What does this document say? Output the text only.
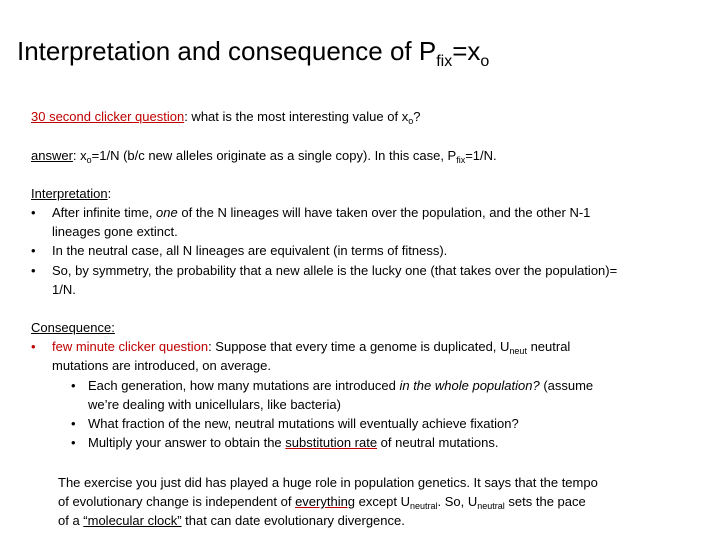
Interpretation and consequence of $P_{fix}=x_o$
30 second clicker question: what is the most interesting value of $x_o$?
answer: $x_o=1/N$ (b/c new alleles originate as a single copy). In this case, $P_{fix}=1/N$.
Interpretation:
• After infinite time, one of the N lineages will have taken over the population, and the other N-1
lineages gone extinct.
• In the neutral case, all N lineages are equivalent (in terms of fitness).
• So, by symmetry, the probability that a new allele is the lucky one (that takes over the population)=
1/N.
Consequence:
• few minute clicker question: Suppose that every time a genome is duplicated, $U_{neut}$ neutral
mutations are introduced, on average.
• Each generation, how many mutations are introduced in the whole population? (assume
we’re dealing with unicellulars, like bacteria)
• What fraction of the new, neutral mutations will eventually achieve fixation?
• Multiply your answer to obtain the substitution rate of neutral mutations.
The exercise you just did has played a huge role in population genetics. It says that the tempo
of evolutionary change is independent of everything except $U_{neutral}$. So, $U_{neutral}$ sets the pace
of a “molecular clock” that can date evolutionary divergence.
